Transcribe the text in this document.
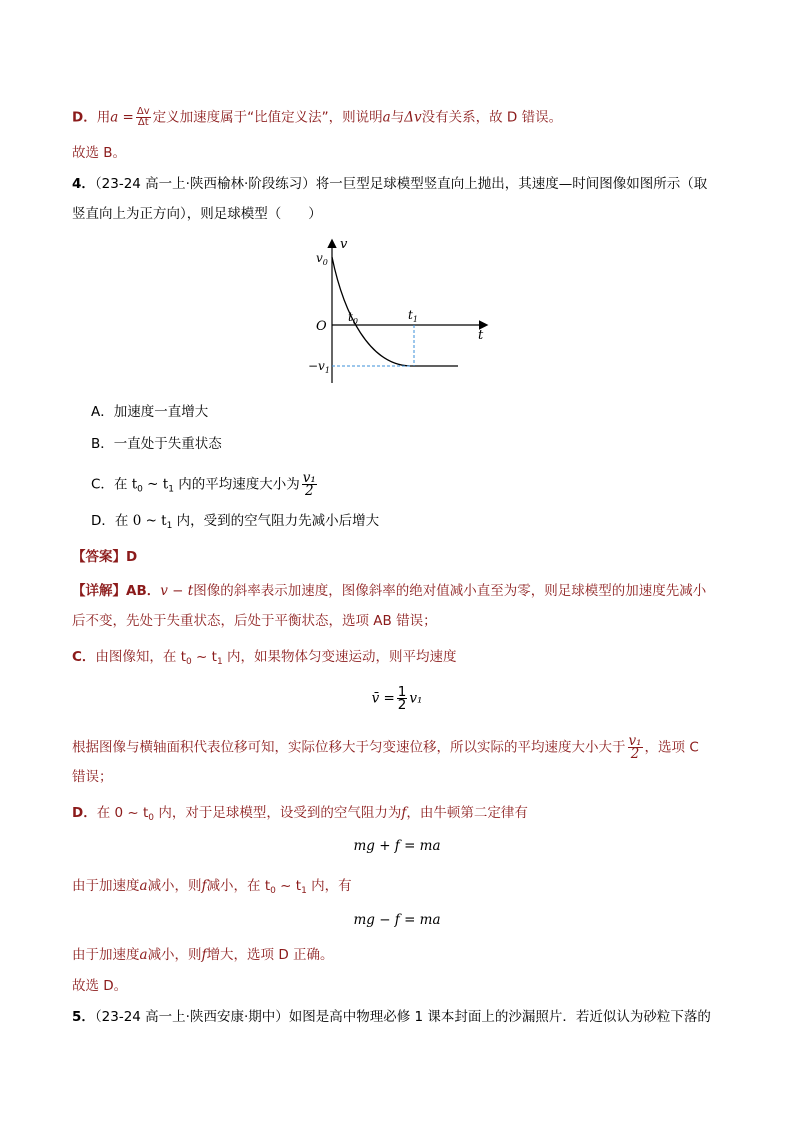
D．用$a = \frac{\Delta v}{\Delta t}$ 定义加速度属于“比值定义法”，则说明a与Δv没有关系，故 D 错误。
故选 B。
4．（23-24 高一上·陕西榆林·阶段练习）将一巨型足球模型竖直向上抛出，其速度—时间图像如图所示（取
竖直向上为正方向），则足球模型（　　）
v
t
O
$v_0$
$t_0$	$t_1$
$-v_1$
A．加速度一直增大
B．一直处于失重状态
C．在 $t_0$ ~ $t_1$ 内的平均速度大小为 $\frac{\text{v₁}}{2}$
D．在 0 ~ $t_1$ 内，受到的空气阻力先减小后增大
【答案】D
【详解】AB．v − t图像的斜率表示加速度，图像斜率的绝对值减小直至为零，则足球模型的加速度先减小
后不变，先处于失重状态，后处于平衡状态，选项 AB 错误；
C．由图像知，在 $t_0$ ~ $t_1$ 内，如果物体匀变速运动，则平均速度
v̄ = $\frac{1}{2} v_1$
根据图像与横轴面积代表位移可知，实际位移大于匀变速位移，所以实际的平均速度大小大于 $\frac{\text{v₁}}{2}$ ，选项 C
错误；
D．在 0 ~ $t_0$ 内，对于足球模型，设受到的空气阻力为f，由牛顿第二定律有
mg + f = ma
由于加速度a减小，则f减小，在 $t_0$ ~ $t_1$ 内，有
mg − f = ma
由于加速度a减小，则f增大，选项 D 正确。
故选 D。
5．（23-24 高一上·陕西安康·期中）如图是高中物理必修 1 课本封面上的沙漏照片．若近似认为砂粒下落的
